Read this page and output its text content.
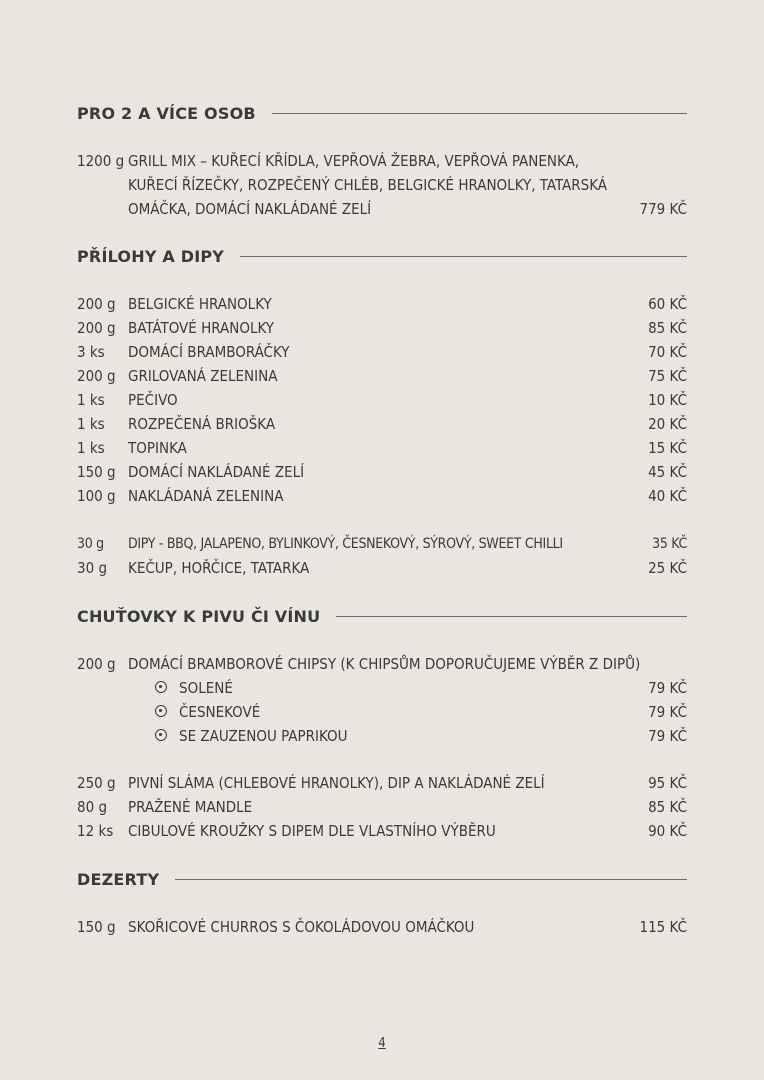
PRO 2 A VÍCE OSOB
1200 g GRILL MIX – KUŘECÍ KŘÍDLA, VEPŘOVÁ ŽEBRA, VEPŘOVÁ PANENKA,
KUŘECÍ ŘÍZEČKY, ROZPEČENÝ CHLÉB, BELGICKÉ HRANOLKY, TATARSKÁ
OMÁČKA, DOMÁCÍ NAKLÁDANÉ ZELÍ	779 KČ
PŘÍLOHY A DIPY
200 g BELGICKÉ HRANOLKY	60 KČ
200 g BATÁTOVÉ HRANOLKY	85 KČ
3 ks DOMÁCÍ BRAMBORÁČKY	70 KČ
200 g GRILOVANÁ ZELENINA	75 KČ
1 ks PEČIVO	10 KČ
1 ks ROZPEČENÁ BRIOŠKA	20 KČ
1 ks TOPINKA	15 KČ
150 g DOMÁCÍ NAKLÁDANÉ ZELÍ	45 KČ
100 g NAKLÁDANÁ ZELENINA	40 KČ
30 g DIPY - BBQ, JALAPENO, BYLINKOVÝ, ČESNEKOVÝ, SÝROVÝ, SWEET CHILLI	35 KČ
30 g KEČUP, HOŘČICE, TATARKA	25 KČ
CHUŤOVKY K PIVU ČI VÍNU
200 g DOMÁCÍ BRAMBOROVÉ CHIPSY (K CHIPSŮM DOPORUČUJEME VÝBĚR Z DIPŮ)
SOLENÉ	79 KČ
ČESNEKOVÉ	79 KČ
SE ZAUZENOU PAPRIKOU	79 KČ
250 g PIVNÍ SLÁMA (CHLEBOVÉ HRANOLKY), DIP A NAKLÁDANÉ ZELÍ	95 KČ
80 g PRAŽENÉ MANDLE	85 KČ
12 ks CIBULOVÉ KROUŽKY S DIPEM DLE VLASTNÍHO VÝBĚRU	90 KČ
DEZERTY
150 g SKOŘICOVÉ CHURROS S ČOKOLÁDOVOU OMÁČKOU	115 KČ
4
